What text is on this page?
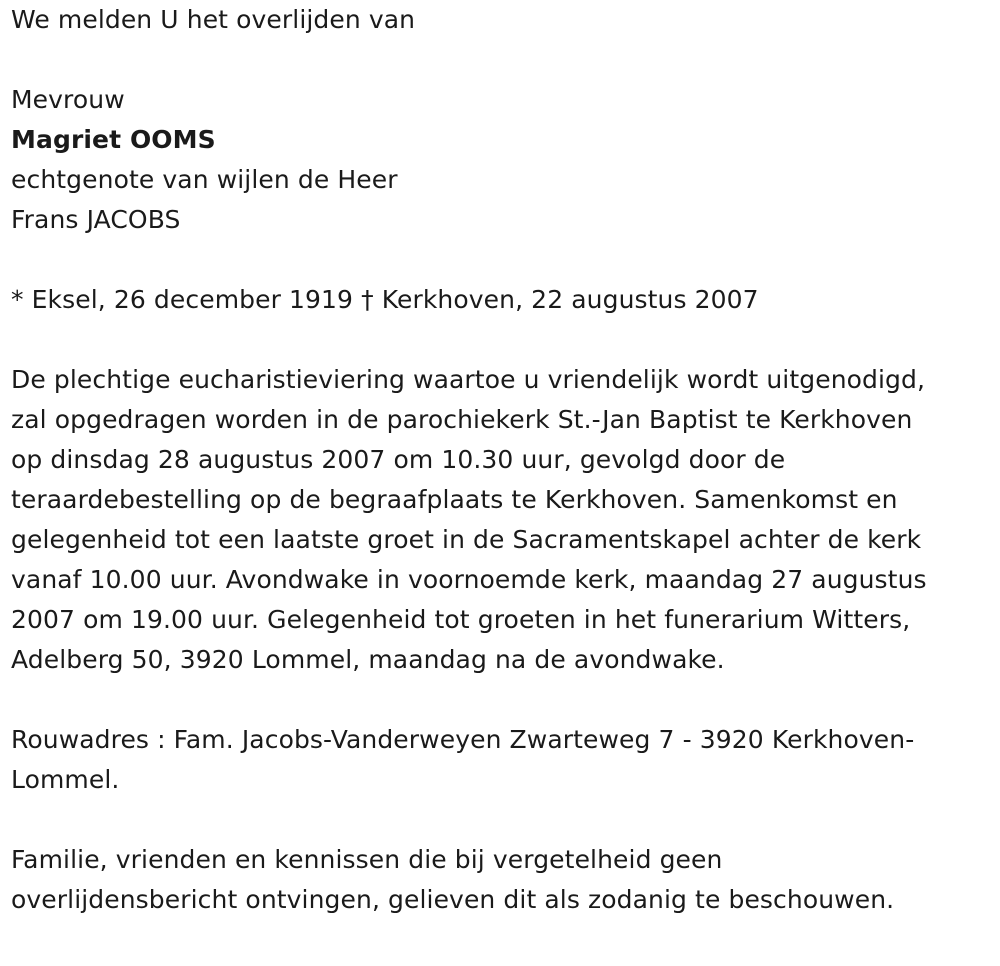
We melden U het overlijden van
Mevrouw
Magriet OOMS
echtgenote van wijlen de Heer
Frans JACOBS
* Eksel, 26 december 1919 † Kerkhoven, 22 augustus 2007
De plechtige eucharistieviering waartoe u vriendelijk wordt uitgenodigd,
zal opgedragen worden in de parochiekerk St.-Jan Baptist te Kerkhoven
op dinsdag 28 augustus 2007 om 10.30 uur, gevolgd door de
teraardebestelling op de begraafplaats te Kerkhoven. Samenkomst en
gelegenheid tot een laatste groet in de Sacramentskapel achter de kerk
vanaf 10.00 uur. Avondwake in voornoemde kerk, maandag 27 augustus
2007 om 19.00 uur. Gelegenheid tot groeten in het funerarium Witters,
Adelberg 50, 3920 Lommel, maandag na de avondwake.
Rouwadres : Fam. Jacobs-Vanderweyen Zwarteweg 7 - 3920 Kerkhoven-
Lommel.
Familie, vrienden en kennissen die bij vergetelheid geen
overlijdensbericht ontvingen, gelieven dit als zodanig te beschouwen.
